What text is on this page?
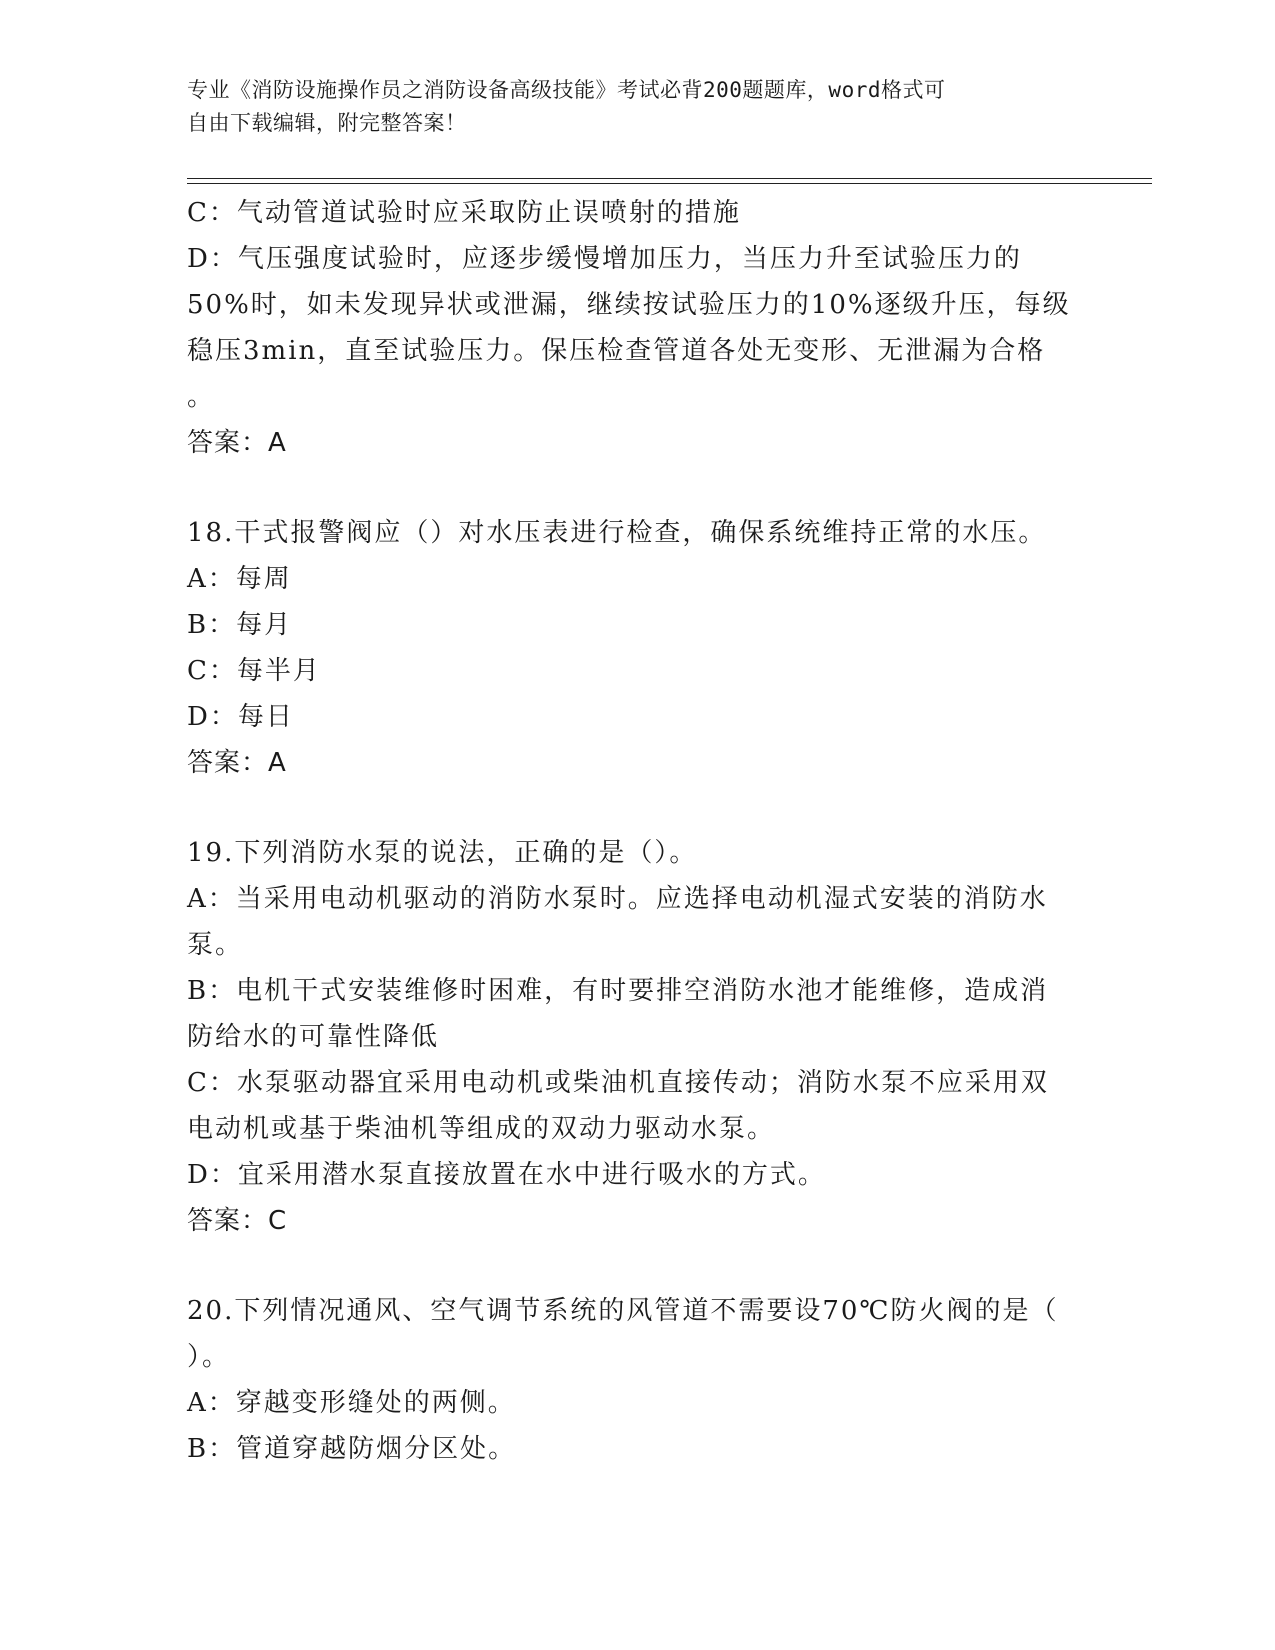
专业《消防设施操作员之消防设备高级技能》考试必背200题题库，word格式可
自由下载编辑，附完整答案！
C：气动管道试验时应采取防止误喷射的措施
D：气压强度试验时，应逐步缓慢增加压力，当压力升至试验压力的
50%时，如未发现异状或泄漏，继续按试验压力的10%逐级升压，每级
稳压3min，直至试验压力。保压检查管道各处无变形、无泄漏为合格
。
答案：A
18.干式报警阀应（）对水压表进行检查，确保系统维持正常的水压。
A：每周
B：每月
C：每半月
D：每日
答案：A
19.下列消防水泵的说法，正确的是（）。
A：当采用电动机驱动的消防水泵时。应选择电动机湿式安装的消防水
泵。
B：电机干式安装维修时困难，有时要排空消防水池才能维修，造成消
防给水的可靠性降低
C：水泵驱动器宜采用电动机或柴油机直接传动；消防水泵不应采用双
电动机或基于柴油机等组成的双动力驱动水泵。
D：宜采用潜水泵直接放置在水中进行吸水的方式。
答案：C
20.下列情况通风、空气调节系统的风管道不需要设70℃防火阀的是（
）。
A：穿越变形缝处的两侧。
B：管道穿越防烟分区处。
